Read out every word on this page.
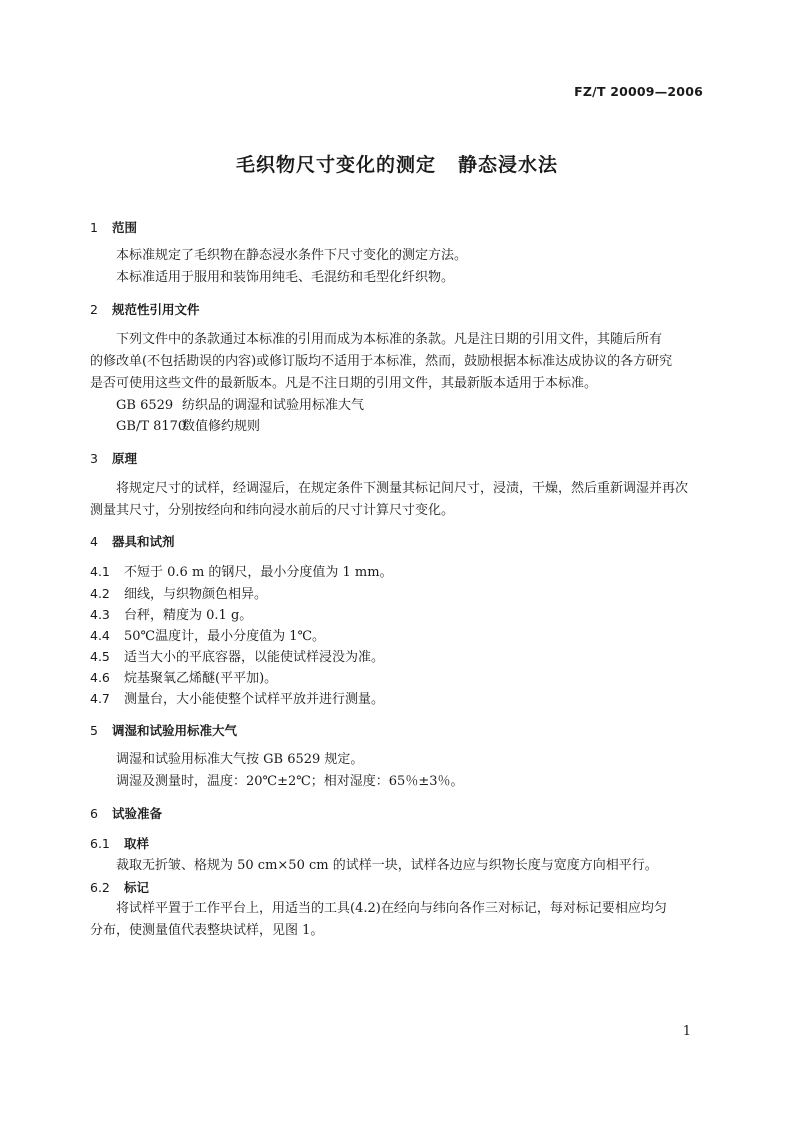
FZ/T 20009—2006
毛织物尺寸变化的测定 静态浸水法
1 范围
本标准规定了毛织物在静态浸水条件下尺寸变化的测定方法。
本标准适用于服用和装饰用纯毛、毛混纺和毛型化纤织物。
2 规范性引用文件
下列文件中的条款通过本标准的引用而成为本标准的条款。凡是注日期的引用文件，其随后所有
的修改单(不包括勘误的内容)或修订版均不适用于本标准，然而，鼓励根据本标准达成协议的各方研究
是否可使用这些文件的最新版本。凡是不注日期的引用文件，其最新版本适用于本标准。
GB 6529 纺织品的调湿和试验用标准大气
GB/T 8170数值修约规则
3 原理
将规定尺寸的试样，经调湿后，在规定条件下测量其标记间尺寸，浸渍，干燥，然后重新调湿并再次
测量其尺寸，分别按经向和纬向浸水前后的尺寸计算尺寸变化。
4 器具和试剂
4.1 不短于 0.6 m 的钢尺，最小分度值为 1 mm。
4.2 细线，与织物颜色相异。
4.3 台秤，精度为 0.1 g。
4.4 50℃温度计，最小分度值为 1℃。
4.5 适当大小的平底容器，以能使试样浸没为准。
4.6 烷基聚氧乙烯醚(平平加)。
4.7 测量台，大小能使整个试样平放并进行测量。
5 调湿和试验用标准大气
调湿和试验用标准大气按 GB 6529 规定。
调湿及测量时，温度：20℃±2℃；相对湿度：65％±3％。
6 试验准备
6.1 取样
裁取无折皱、格规为 50 cm×50 cm 的试样一块，试样各边应与织物长度与宽度方向相平行。
6.2 标记
将试样平置于工作平台上，用适当的工具(4.2)在经向与纬向各作三对标记，每对标记要相应均匀
分布，使测量值代表整块试样，见图 1。
1
